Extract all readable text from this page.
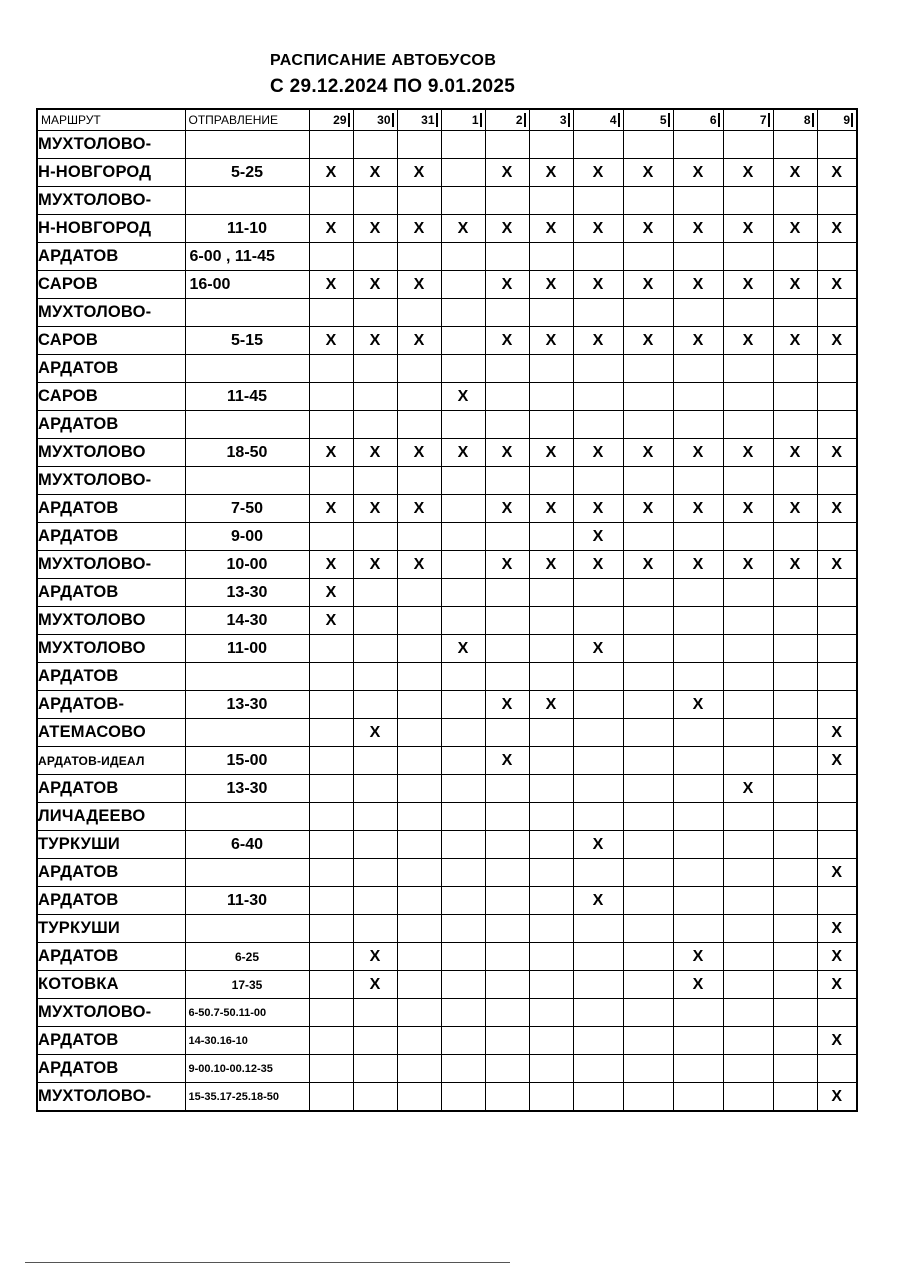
РАСПИСАНИЕ АВТОБУСОВ
С 29.12.2024 ПО 9.01.2025
МАРШРУТ	ОТПРАВЛЕНИЕ	29	30	31	1	2	3	4	5	6	7	8	9
МУХТОЛОВО-													
Н-НОВГОРОД	5-25	X	X	X		X	X	X	X	X	X	X	X
МУХТОЛОВО-													
Н-НОВГОРОД	11-10	X	X	X	X	X	X	X	X	X	X	X	X
АРДАТОВ	6-00 , 11-45												
САРОВ	16-00	X	X	X		X	X	X	X	X	X	X	X
МУХТОЛОВО-													
САРОВ	5-15	X	X	X		X	X	X	X	X	X	X	X
АРДАТОВ													
САРОВ	11-45				X								
АРДАТОВ													
МУХТОЛОВО	18-50	X	X	X	X	X	X	X	X	X	X	X	X
МУХТОЛОВО-													
АРДАТОВ	7-50	X	X	X		X	X	X	X	X	X	X	X
АРДАТОВ	9-00							X					
МУХТОЛОВО-	10-00	X	X	X		X	X	X	X	X	X	X	X
АРДАТОВ	13-30	X											
МУХТОЛОВО	14-30	X											
МУХТОЛОВО	11-00				X			X					
АРДАТОВ													
АРДАТОВ-	13-30					X	X			X			
АТЕМАСОВО			X										X
АРДАТОВ-ИДЕАЛ	15-00					X							X
АРДАТОВ	13-30										X		
ЛИЧАДЕЕВО													
ТУРКУШИ	6-40							X					
АРДАТОВ													X
АРДАТОВ	11-30							X					
ТУРКУШИ													X
АРДАТОВ	6-25		X							X			X
КОТОВКА	17-35		X							X			X
МУХТОЛОВО-	6-50.7-50.11-00												
АРДАТОВ	14-30.16-10												X
АРДАТОВ	9-00.10-00.12-35												
МУХТОЛОВО-	15-35.17-25.18-50												X
